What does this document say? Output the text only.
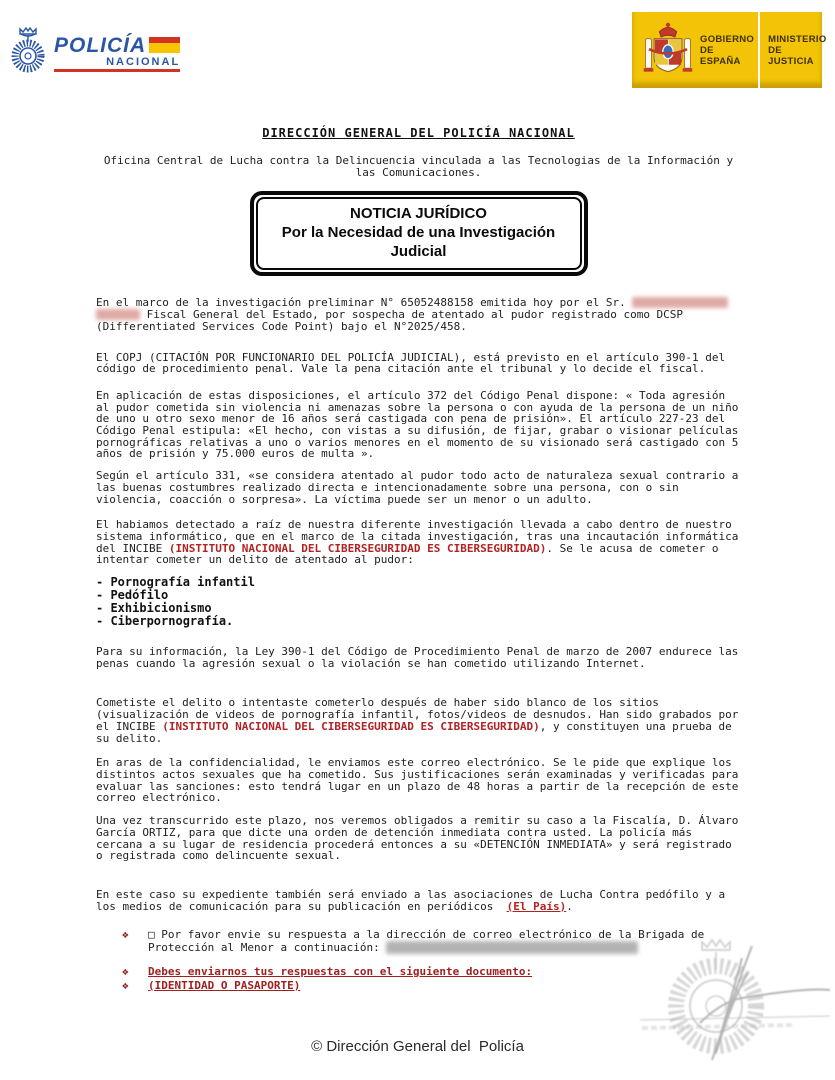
POLICÍA
NACIONAL
GOBIERNO
DE ESPAÑA
MINISTERIO
DE JUSTICIA
DIRECCIÓN GENERAL DEL POLICÍA NACIONAL
Oficina Central de Lucha contra la Delincuencia vinculada a las Tecnologias de la Información y las Comunicaciones.
NOTICIA JURÍDICO
Por la Necesidad de una Investigación Judicial

En el marco de la investigación preliminar N° 65052488158 emitida hoy por el Sr.   Fiscal General del Estado, por sospecha de atentado al pudor registrado como DCSP (Differentiated Services Code Point) bajo el N°2025/458.

El COPJ (CITACIÓN POR FUNCIONARIO DEL POLICÍA JUDICIAL), está previsto en el artículo 390-1 del código de procedimiento penal. Vale la pena citación ante el tribunal y lo decide el fiscal.

En aplicación de estas disposiciones, el artículo 372 del Código Penal dispone: « Toda agresión al pudor cometida sin violencia ni amenazas sobre la persona o con ayuda de la persona de un niño de uno u otro sexo menor de 16 años será castigada con pena de prisión». El artículo 227-23 del Código Penal estipula: «El hecho, con vistas a su difusión, de fijar, grabar o visionar películas pornográficas relativas a uno o varios menores en el momento de su visionado será castigado con 5 años de prisión y 75.000 euros de multa ».

Según el artículo 331, «se considera atentado al pudor todo acto de naturaleza sexual contrario a las buenas costumbres realizado directa e intencionadamente sobre una persona, con o sin violencia, coacción o sorpresa». La víctima puede ser un menor o un adulto.

El habiamos detectado a raíz de nuestra diferente investigación llevada a cabo dentro de nuestro sistema informático, que en el marco de la citada investigación, tras una incautación informática del INCIBE (INSTITUTO NACIONAL DEL CIBERSEGURIDAD ES CIBERSEGURIDAD). Se le acusa de cometer o intentar cometer un delito de atentado al pudor:

- Pornografía infantil
- Pedófilo
- Exhibicionismo
- Ciberpornografía.

Para su información, la Ley 390-1 del Código de Procedimiento Penal de marzo de 2007 endurece las penas cuando la agresión sexual o la violación se han cometido utilizando Internet.

Cometiste el delito o intentaste cometerlo después de haber sido blanco de los sitios (visualización de videos de pornografía infantil, fotos/videos de desnudos. Han sido grabados por el INCIBE (INSTITUTO NACIONAL DEL CIBERSEGURIDAD ES CIBERSEGURIDAD), y constituyen una prueba de su delito.

En aras de la confidencialidad, le enviamos este correo electrónico. Se le pide que explique los distintos actos sexuales que ha cometido. Sus justificaciones serán examinadas y verificadas para evaluar las sanciones: esto tendrá lugar en un plazo de 48 horas a partir de la recepción de este correo electrónico.

Una vez transcurrido este plazo, nos veremos obligados a remitir su caso a la Fiscalía, D. Álvaro García ORTIZ, para que dicte una orden de detención inmediata contra usted. La policía más cercana a su lugar de residencia procederá entonces a su «DETENCIÓN INMEDIATA» y será registrado o registrada como delincuente sexual.

En este caso su expediente también será enviado a las asociaciones de Lucha Contra pedófilo y a los medios de comunicación para su publicación en periódicos  (El País).

❖	□ Por favor envie su respuesta a la dirección de correo electrónico de la Brigada de Protección al Menor a continuación:
❖	Debes enviarnos tus respuestas con el siguiente documento:
❖	(IDENTIDAD O PASAPORTE)
© Dirección General del  Policía
